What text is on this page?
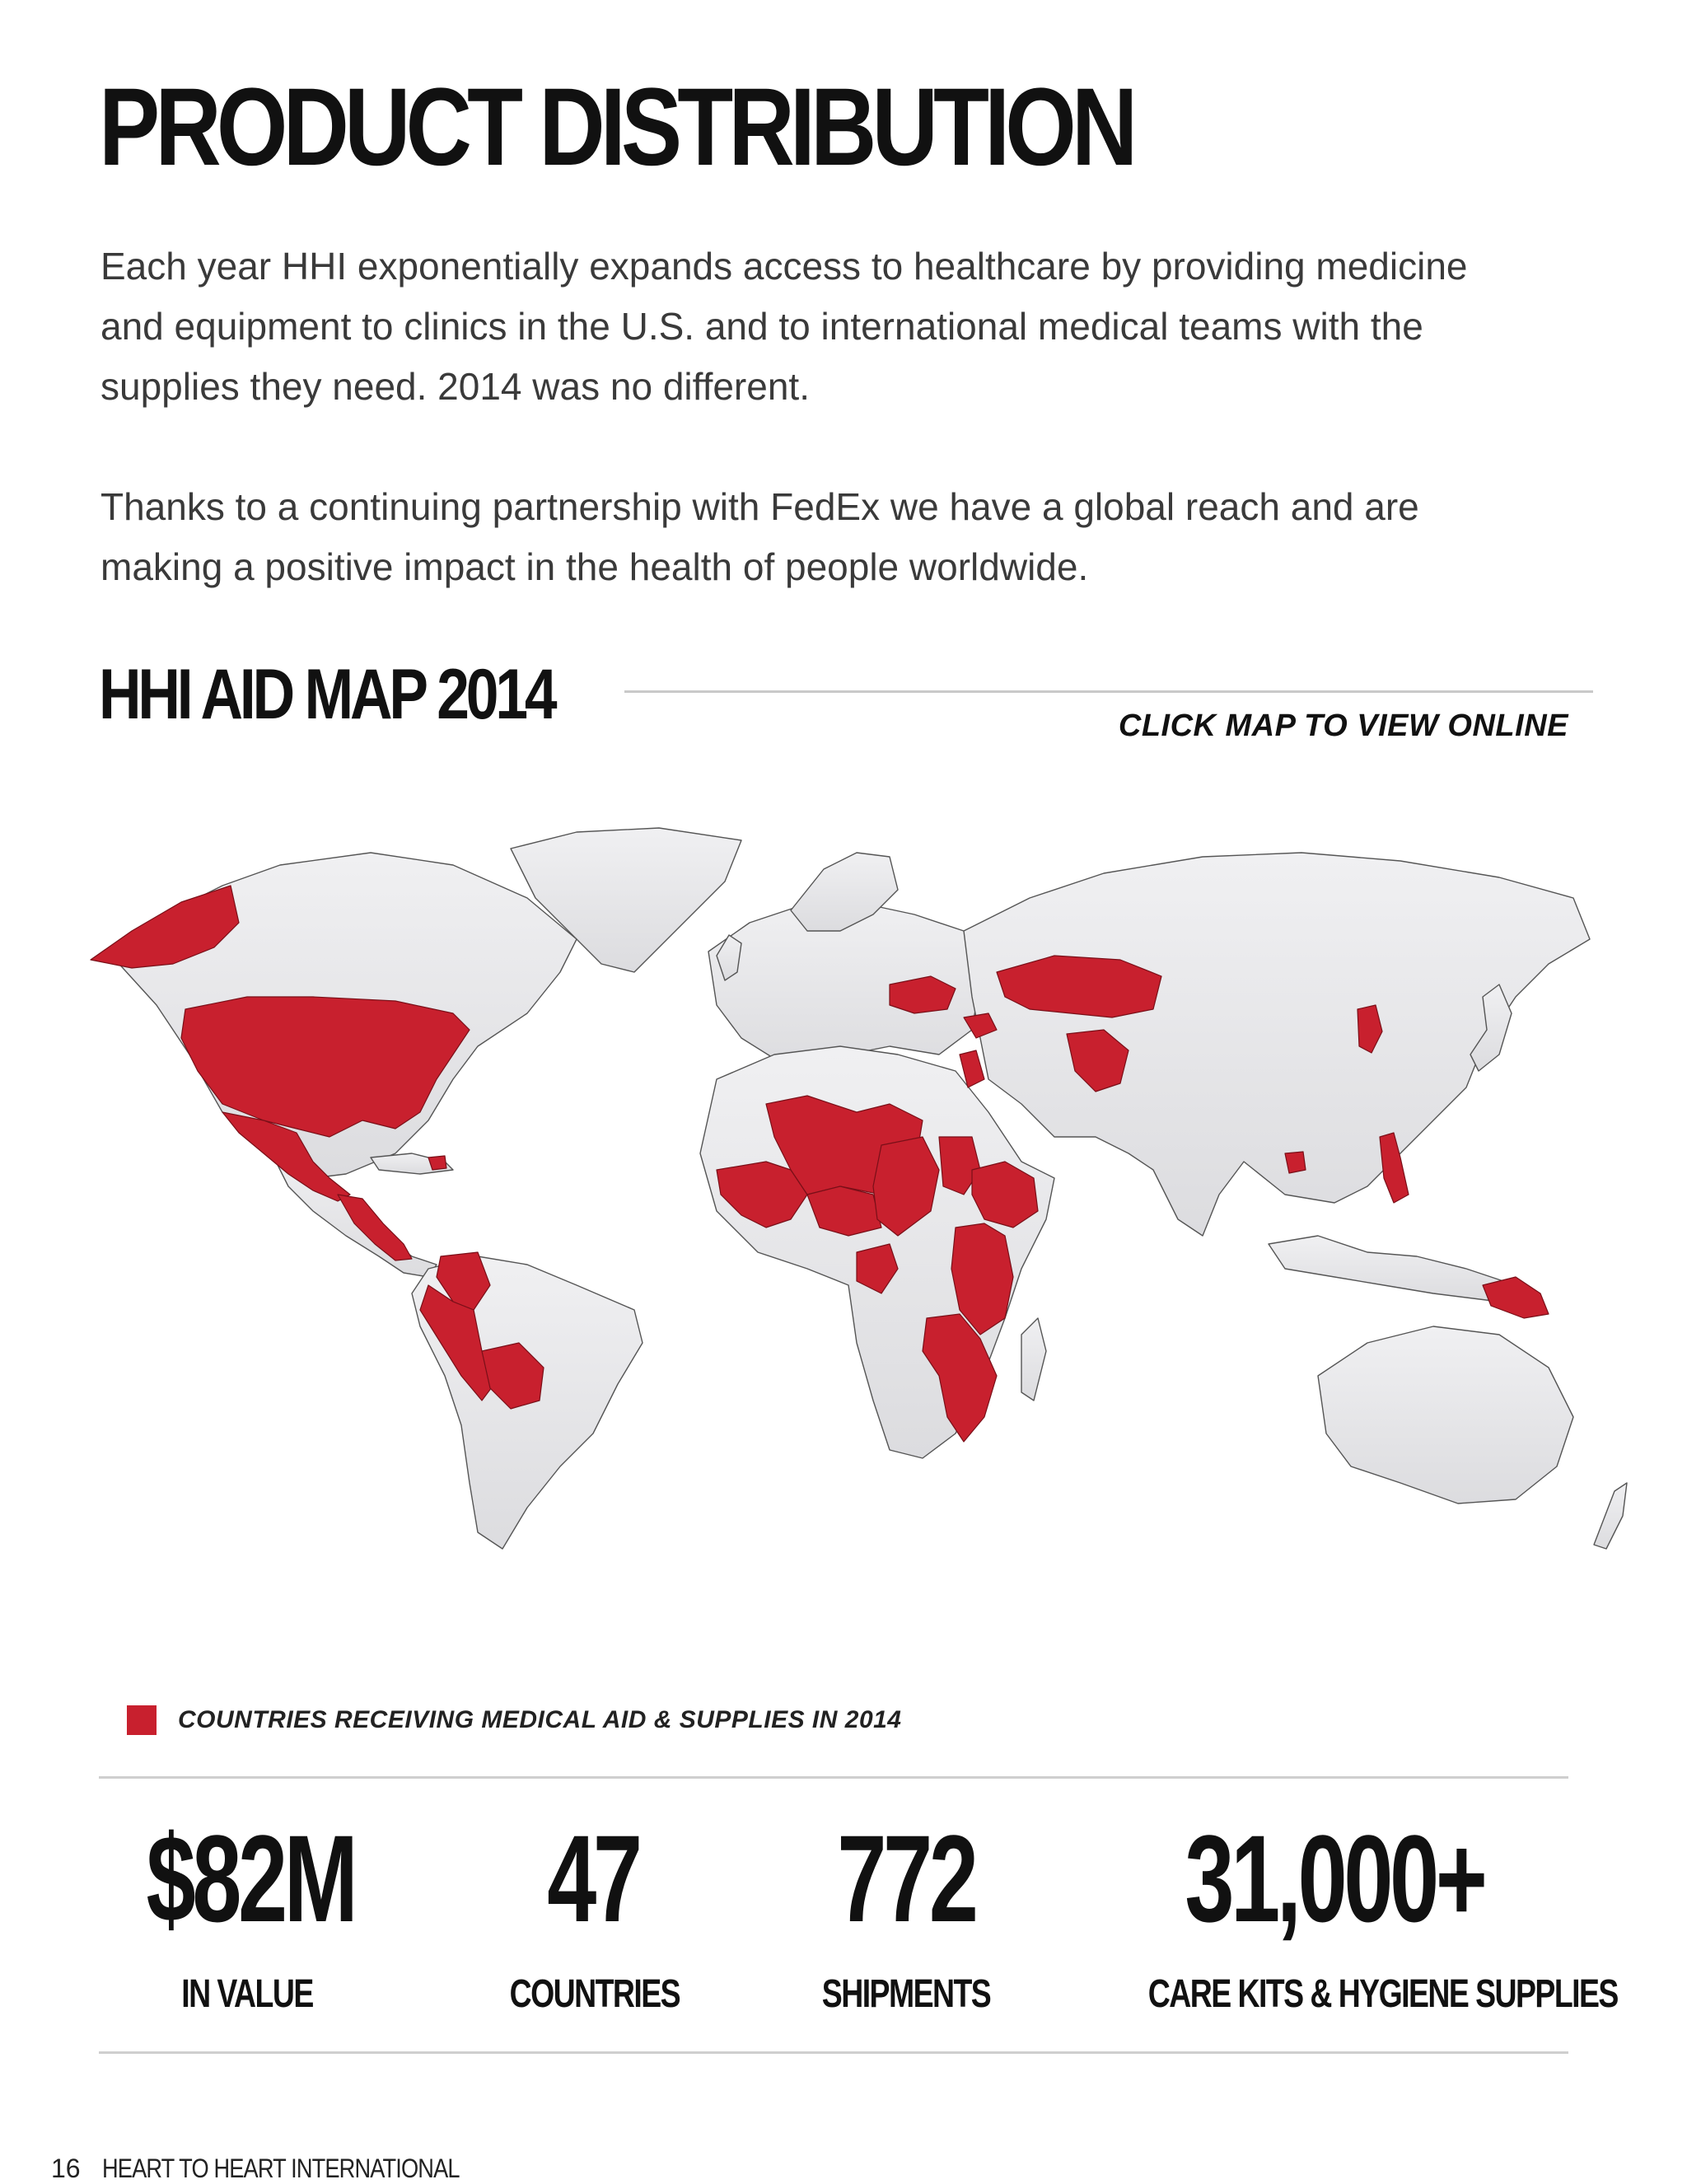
PRODUCT DISTRIBUTION

Each year HHI exponentially expands access to healthcare by providing medicine and equipment to clinics in the U.S. and to international medical teams with the supplies they need. 2014 was no different.

Thanks to a continuing partnership with FedEx we have a global reach and are making a positive impact in the health of people worldwide.

HHI AID MAP 2014	CLICK MAP TO VIEW ONLINE
COUNTRIES RECEIVING MEDICAL AID & SUPPLIES IN 2014
$82M
IN VALUE
47
COUNTRIES
772
SHIPMENTS
31,000+
CARE KITS & HYGIENE SUPPLIES
16 HEART TO HEART INTERNATIONAL
